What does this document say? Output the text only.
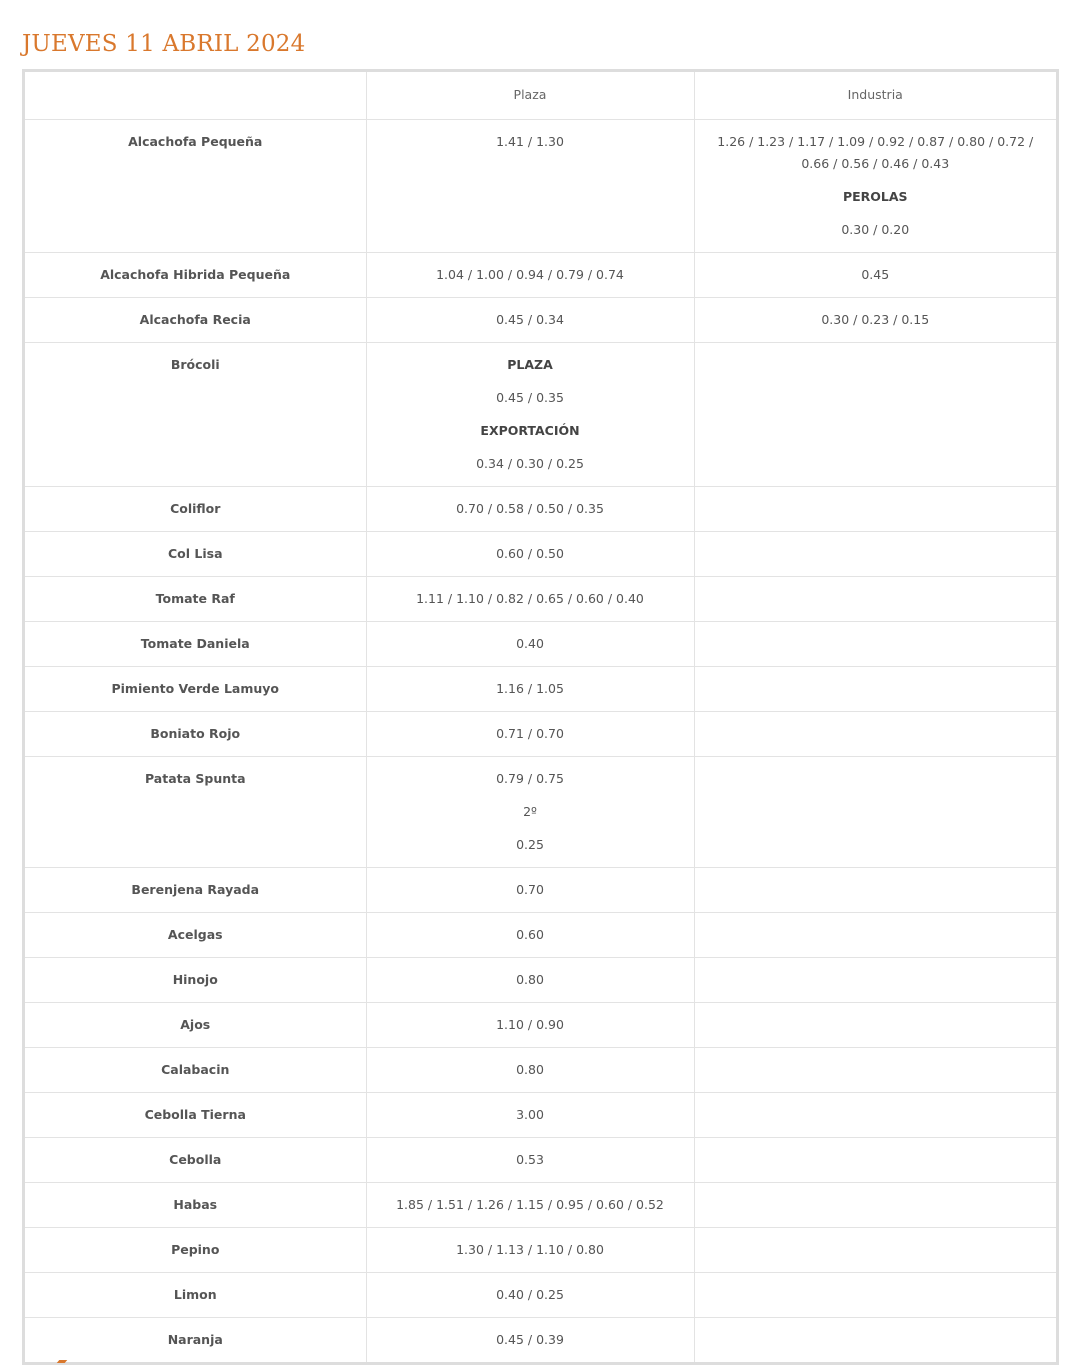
JUEVES 11 ABRIL 2024
	Plaza	Industria
Alcachofa Pequeña	1.41 / 1.30	1.26 / 1.23 / 1.17 / 1.09 / 0.92 / 0.87 / 0.80 / 0.72 / 0.66 / 0.56 / 0.46 / 0.43
PEROLAS
0.30 / 0.20

Alcachofa Hibrida Pequeña	1.04 / 1.00 / 0.94 / 0.79 / 0.74	0.45

Alcachofa Recia	0.45 / 0.34	0.30 / 0.23 / 0.15

Brócoli	PLAZA
0.45 / 0.35
EXPORTACIÓN
0.34 / 0.30 / 0.25	

Coliflor	0.70 / 0.58 / 0.50 / 0.35	

Col Lisa	0.60 / 0.50	

Tomate Raf	1.11 / 1.10 / 0.82 / 0.65 / 0.60 / 0.40	

Tomate Daniela	0.40	

Pimiento Verde Lamuyo	1.16 / 1.05	

Boniato Rojo	0.71 / 0.70	

Patata Spunta	0.79 / 0.75
2º
0.25	

Berenjena Rayada	0.70	

Acelgas	0.60	

Hinojo	0.80	

Ajos	1.10 / 0.90	

Calabacin	0.80	

Cebolla Tierna	3.00	

Cebolla	0.53	

Habas	1.85 / 1.51 / 1.26 / 1.15 / 0.95 / 0.60 / 0.52	

Pepino	1.30 / 1.13 / 1.10 / 0.80	

Limon	0.40 / 0.25	

Naranja	0.45 / 0.39	
